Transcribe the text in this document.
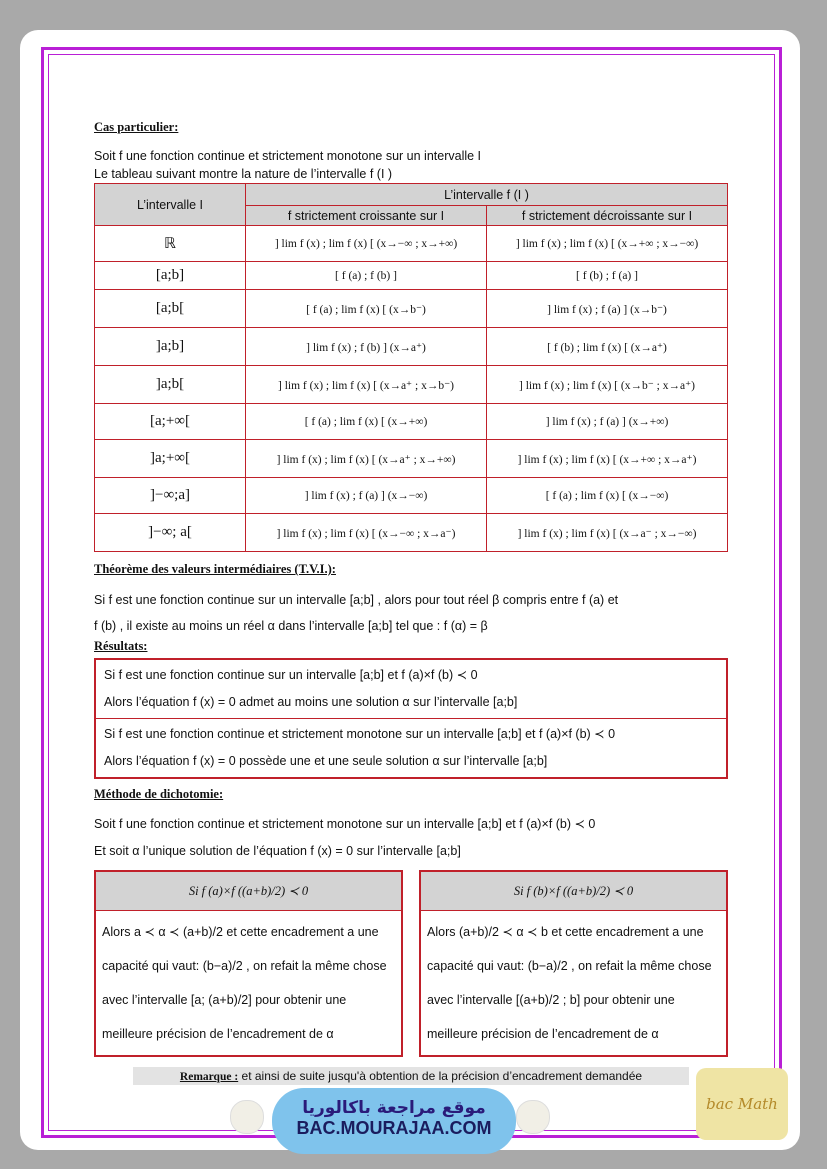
Cas particulier:
Soit f une fonction continue et strictement monotone sur un intervalle I
Le tableau suivant montre la nature de l’intervalle f (I )
L’intervalle I	L’intervalle f (I )	
	f strictement croissante sur I	f strictement décroissante sur I
ℝ	] lim f (x) ; lim f (x) [ (x→−∞ ; x→+∞)	] lim f (x) ; lim f (x) [ (x→+∞ ; x→−∞)
[a;b]	[ f (a) ; f (b) ]	[ f (b) ; f (a) ]
[a;b[	[ f (a) ; lim f (x) [ (x→b⁻)	] lim f (x) ; f (a) ] (x→b⁻)
]a;b]	] lim f (x) ; f (b) ] (x→a⁺)	[ f (b) ; lim f (x) [ (x→a⁺)
]a;b[	] lim f (x) ; lim f (x) [ (x→a⁺ ; x→b⁻)	] lim f (x) ; lim f (x) [ (x→b⁻ ; x→a⁺)
[a;+∞[	[ f (a) ; lim f (x) [ (x→+∞)	] lim f (x) ; f (a) ] (x→+∞)
]a;+∞[	] lim f (x) ; lim f (x) [ (x→a⁺ ; x→+∞)	] lim f (x) ; lim f (x) [ (x→+∞ ; x→a⁺)
]−∞;a]	] lim f (x) ; f (a) ] (x→−∞)	[ f (a) ; lim f (x) [ (x→−∞)
]−∞; a[	] lim f (x) ; lim f (x) [ (x→−∞ ; x→a⁻)	] lim f (x) ; lim f (x) [ (x→a⁻ ; x→−∞)
Théorème des valeurs intermédiaires (T.V.I.):
Si f est une fonction continue sur un intervalle [a;b] , alors pour tout réel β compris entre f (a) et
f (b) , il existe au moins un réel α dans l’intervalle [a;b] tel que : f (α) = β
Résultats:
Si f est une fonction continue sur un intervalle [a;b] et f (a)×f (b) ≺ 0
Alors l’équation f (x) = 0 admet au moins une solution α sur l’intervalle [a;b]
Si f est une fonction continue et strictement monotone sur un intervalle [a;b] et f (a)×f (b) ≺ 0
Alors l’équation f (x) = 0 possède une et une seule solution α sur l’intervalle [a;b]
Méthode de dichotomie:
Soit f une fonction continue et strictement monotone sur un intervalle [a;b] et f (a)×f (b) ≺ 0
Et soit α l’unique solution de l’équation f (x) = 0 sur l’intervalle [a;b]
Si f (a)×f ((a+b)/2) ≺ 0
Alors a ≺ α ≺ (a+b)/2 et cette encadrement a une
capacité qui vaut: (b−a)/2 , on refait la même chose
avec l’intervalle [a; (a+b)/2] pour obtenir une
meilleure précision de l’encadrement de α
Si f (b)×f ((a+b)/2) ≺ 0
Alors (a+b)/2 ≺ α ≺ b et cette encadrement a une
capacité qui vaut: (b−a)/2 , on refait la même chose
avec l’intervalle [(a+b)/2 ; b] pour obtenir une
meilleure précision de l’encadrement de α
Remarque : et ainsi de suite jusqu'à obtention de la précision d’encadrement demandée
موقع مراجعة باكالوريا
BAC.MOURAJAA.COM
bac Math
